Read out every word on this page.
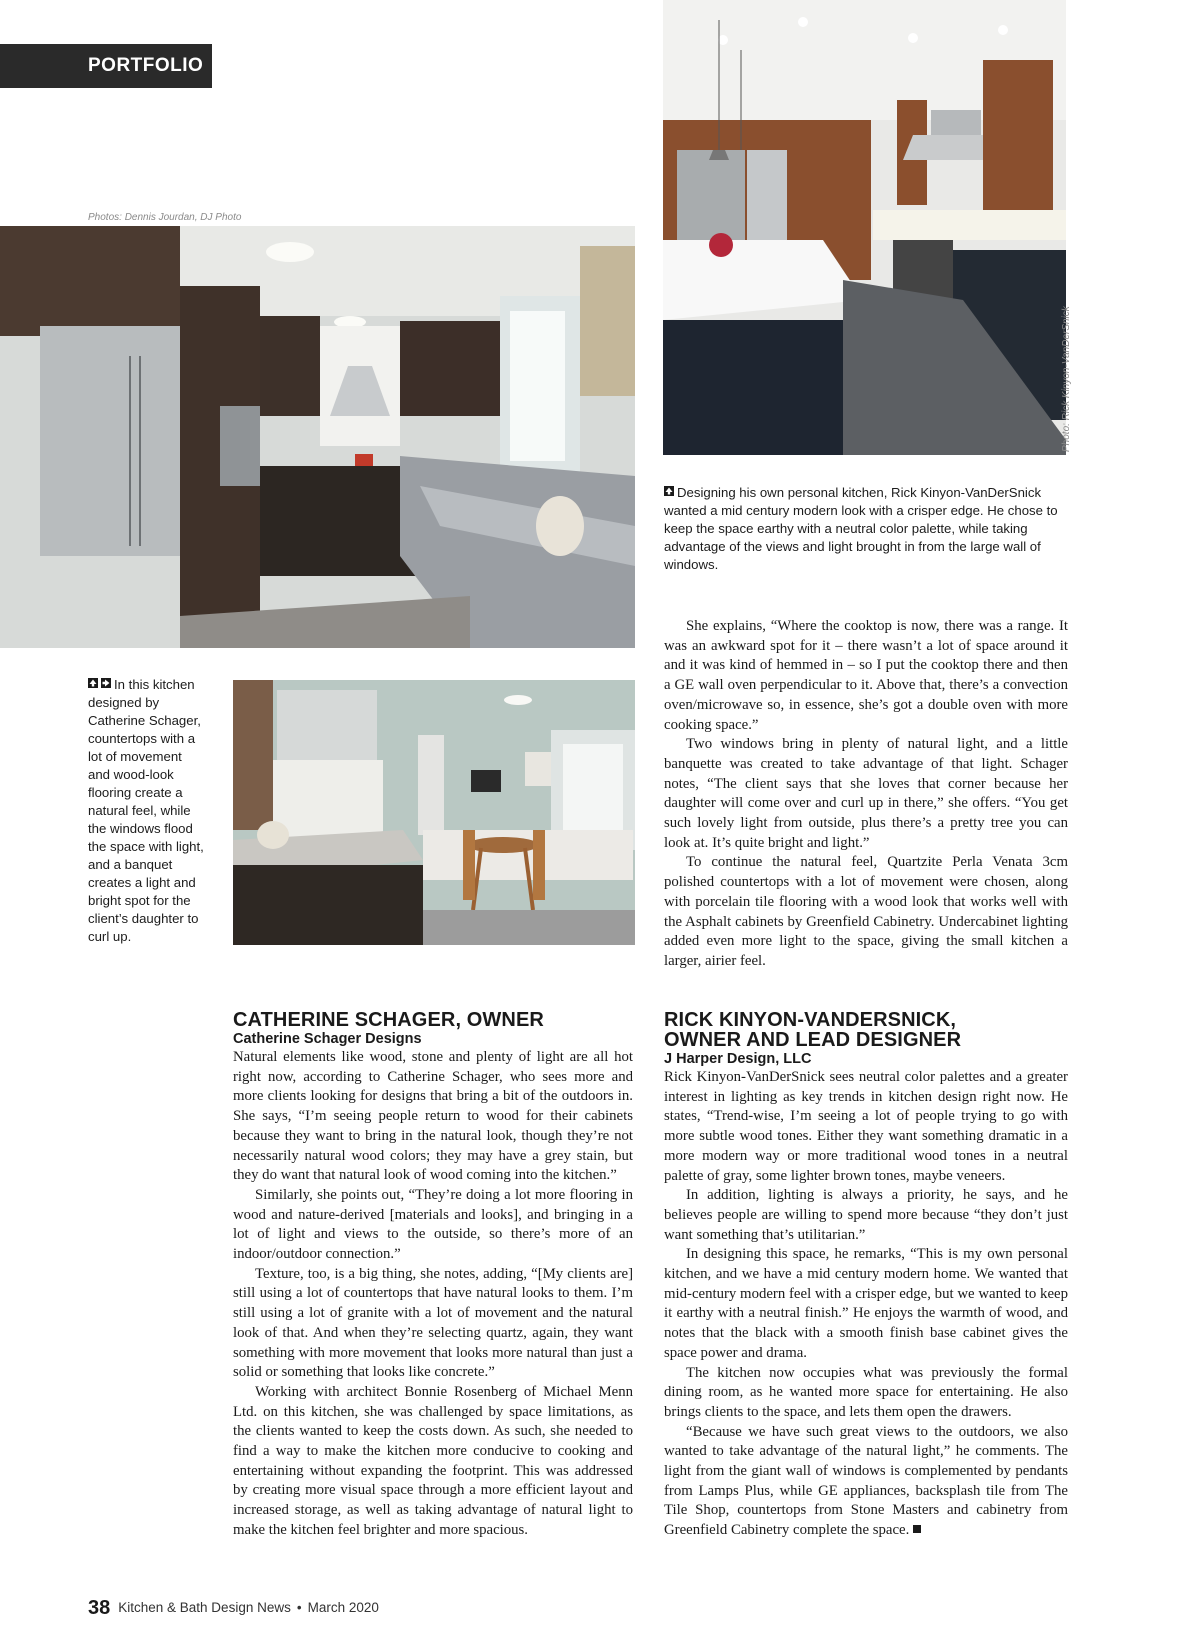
PORTFOLIO
Photo: Rick Kinyon-VanDerSnick
Designing his own personal kitchen, Rick Kinyon-VanDerSnick wanted a mid century modern look with a crisper edge. He chose to keep the space earthy with a neutral color palette, while taking advantage of the views and light brought in from the large wall of windows.
Photos: Dennis Jourdan, DJ Photo
In this kitchen designed by Catherine Schager, countertops with a lot of movement and wood-look flooring create a natural feel, while the windows flood the space with light, and a banquet creates a light and bright spot for the client’s daughter to curl up.

She explains, “Where the cooktop is now, there was a range. It was an awkward spot for it – there wasn’t a lot of space around it and it was kind of hemmed in – so I put the cooktop there and then a GE wall oven perpendicular to it. Above that, there’s a convection oven/microwave so, in essence, she’s got a double oven with more cooking space.”

Two windows bring in plenty of natural light, and a little banquette was created to take advantage of that light. Schager notes, “The client says that she loves that corner because her daughter will come over and curl up in there,” she offers. “You get such lovely light from outside, plus there’s a pretty tree you can look at. It’s quite bright and light.”

To continue the natural feel, Quartzite Perla Venata 3cm polished countertops with a lot of movement were chosen, along with porcelain tile flooring with a wood look that works well with the Asphalt cabinets by Greenfield Cabinetry. Undercabinet lighting added even more light to the space, giving the small kitchen a larger, airier feel.

CATHERINE SCHAGER, OWNER
Catherine Schager Designs

Natural elements like wood, stone and plenty of light are all hot right now, according to Catherine Schager, who sees more and more clients looking for designs that bring a bit of the outdoors in. She says, “I’m seeing people return to wood for their cabinets because they want to bring in the natural look, though they’re not necessarily natural wood colors; they may have a grey stain, but they do want that natural look of wood coming into the kitchen.”

Similarly, she points out, “They’re doing a lot more flooring in wood and nature-derived [materials and looks], and bringing in a lot of light and views to the outside, so there’s more of an indoor/outdoor connection.”

Texture, too, is a big thing, she notes, adding, “[My clients are] still using a lot of countertops that have natural looks to them. I’m still using a lot of granite with a lot of movement and the natural look of that. And when they’re selecting quartz, again, they want something with more movement that looks more natural than just a solid or something that looks like concrete.”

Working with architect Bonnie Rosenberg of Michael Menn Ltd. on this kitchen, she was challenged by space limitations, as the clients wanted to keep the costs down. As such, she needed to find a way to make the kitchen more conducive to cooking and entertaining without expanding the footprint. This was addressed by creating more visual space through a more efficient layout and increased storage, as well as taking advantage of natural light to make the kitchen feel brighter and more spacious.

RICK KINYON-VANDERSNICK,
OWNER AND LEAD DESIGNER
J Harper Design, LLC

Rick Kinyon-VanDerSnick sees neutral color palettes and a greater interest in lighting as key trends in kitchen design right now. He states, “Trend-wise, I’m seeing a lot of people trying to go with more subtle wood tones. Either they want something dramatic in a more modern way or more traditional wood tones in a neutral palette of gray, some lighter brown tones, maybe veneers.

In addition, lighting is always a priority, he says, and he believes people are willing to spend more because “they don’t just want something that’s utilitarian.”

In designing this space, he remarks, “This is my own personal kitchen, and we have a mid century modern home. We wanted that mid-century modern feel with a crisper edge, but we wanted to keep it earthy with a neutral finish.” He enjoys the warmth of wood, and notes that the black with a smooth finish base cabinet gives the space power and drama.

The kitchen now occupies what was previously the formal dining room, as he wanted more space for entertaining. He also brings clients to the space, and lets them open the drawers.

“Because we have such great views to the outdoors, we also wanted to take advantage of the natural light,” he comments. The light from the giant wall of windows is complemented by pendants from Lamps Plus, while GE appliances, backsplash tile from The Tile Shop, countertops from Stone Masters and cabinetry from Greenfield Cabinetry complete the space.

38 Kitchen & Bath Design News • March 2020
